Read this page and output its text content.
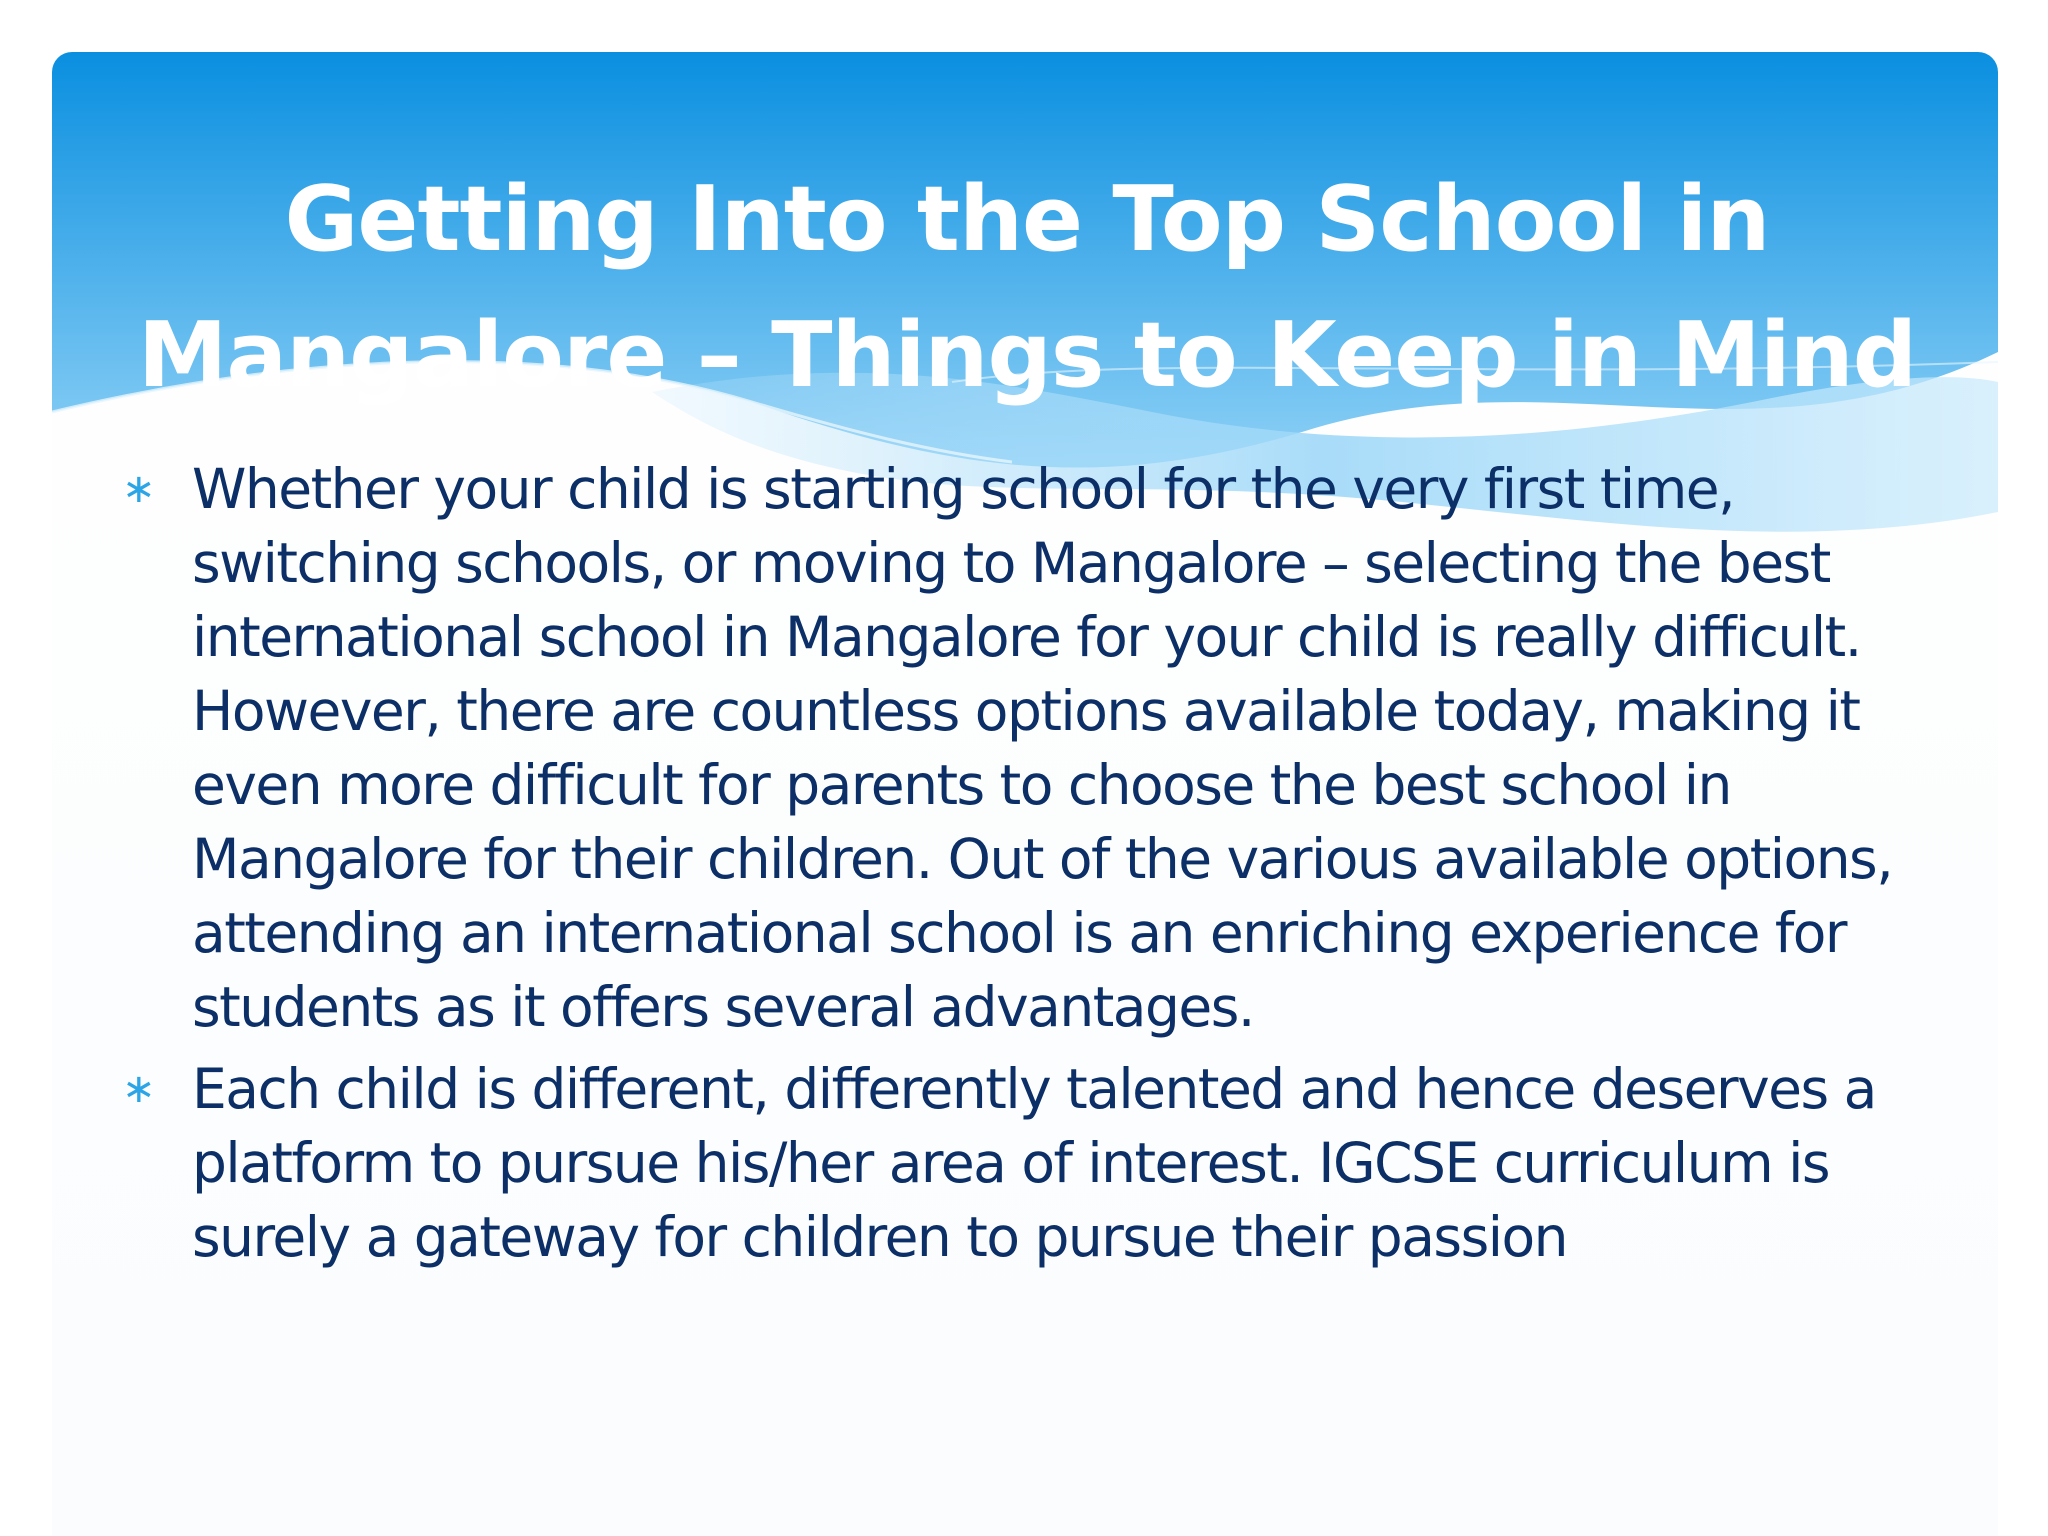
Getting Into the Top School in Mangalore – Things to Keep in Mind
∗ Whether your child is starting school for the very first time, switching schools, or moving to Mangalore – selecting the best international school in Mangalore for your child is really difficult. However, there are countless options available today, making it even more difficult for parents to choose the best school in Mangalore for their children. Out of the various available options, attending an international school is an enriching experience for students as it offers several advantages.
∗ Each child is different, differently talented and hence deserves a platform to pursue his/her area of interest. IGCSE curriculum is surely a gateway for children to pursue their passion
